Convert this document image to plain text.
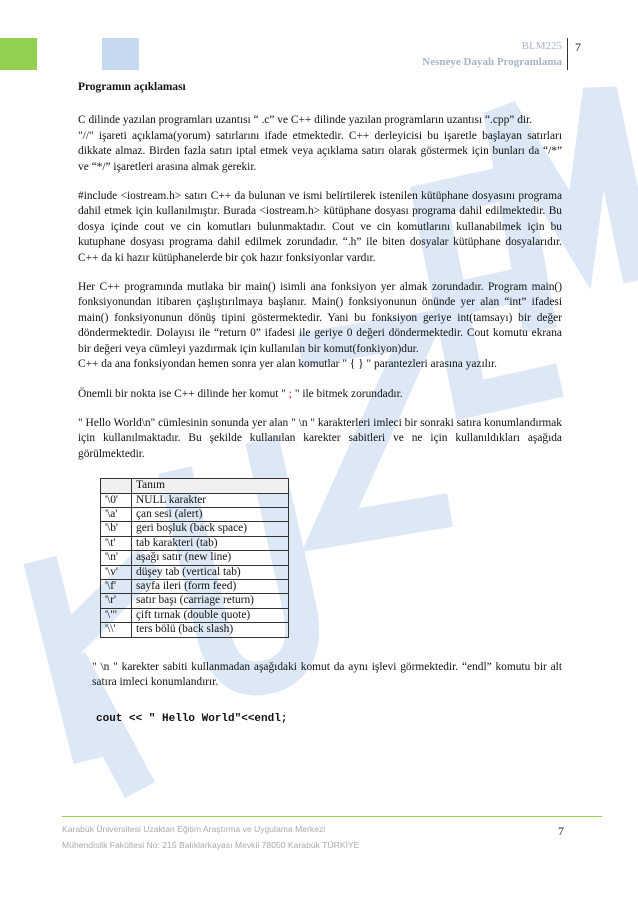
BLM225
Nesneye Dayalı Programlama
7

Programın açıklaması

C dilinde yazılan programları uzantısı “ .c” ve C++ dilinde yazılan programların uzantısı “.cpp” dir.

"//" işareti açıklama(yorum) satırlarını ifade etmektedir. C++ derleyicisi bu işaretle başlayan satırları dikkate almaz. Birden fazla satırı iptal etmek veya açıklama satırı olarak göstermek için bunları da “/*” ve “*/” işaretleri arasına almak gerekir.

#include <iostream.h> satırı C++ da bulunan ve ismi belirtilerek istenilen kütüphane dosyasını programa dahil etmek için kullanılmıştır. Burada <iostream.h> kütüphane dosyası programa dahil edilmektedir. Bu dosya içinde cout ve cin komutları bulunmaktadır. Cout ve cin komutlarını kullanabilmek için bu kutuphane dosyası programa dahil edilmek zorundadır. “.h” ile biten dosyalar kütüphane dosyalarıdır. C++ da ki hazır kütüphanelerde bir çok hazır fonksiyonlar vardır.

Her C++ programında mutlaka bir main() isimli ana fonksiyon yer almak zorundadır. Program main() fonksiyonundan itibaren çaşlıştırılmaya başlanır. Main() fonksiyonunun önünde yer alan “int” ifadesi main() fonksiyonunun dönüş tipini göstermektedir. Yani bu fonksiyon geriye int(tamsayı) bir değer döndermektedir. Dolayısı ile “return 0” ifadesi ile geriye 0 değeri döndermektedir. Cout komutu ekrana bir değeri veya cümleyi yazdırmak için kullanılan bir komut(fonkiyon)dur.

C++ da ana fonksiyondan hemen sonra yer alan komutlar " { } " parantezleri arasına yazılır.

Önemli bir nokta ise C++ dilinde her komut " ; " ile bitmek zorundadır.

" Hello World\n" cümlesinin sonunda yer alan " \n " karakterleri imleci bir sonraki satıra konumlandırmak için kullanılmaktadır. Bu şekilde kullanılan karekter sabitleri ve ne için kullanıldıkları aşağıda görülmektedir.

	Tanım
'\0'	NULL karakter
'\a'	çan sesi (alert)
'\b'	geri boşluk (back space)
'\t'	tab karakteri (tab)
'\n'	aşağı satır (new line)
'\v'	düşey tab (vertical tab)
'\f'	sayfa ileri (form feed)
'\r'	satır başı (carriage return)
'\"'	çift tırnak (double quote)
'\\'	ters bölü (back slash)

" \n " karekter sabiti kullanmadan aşağıdaki komut da aynı işlevi görmektedir. “endl” komutu bir alt satıra imleci konumlandırır.

cout << " Hello World"<<endl;
Karabük Üniversitesi Uzaktan Eğitim Araştırma ve Uygulama Merkezi
Mühendislik Fakültesi No: 215 Balıklarkayası Mevkii 78050 Karabük TÜRKİYE
7
